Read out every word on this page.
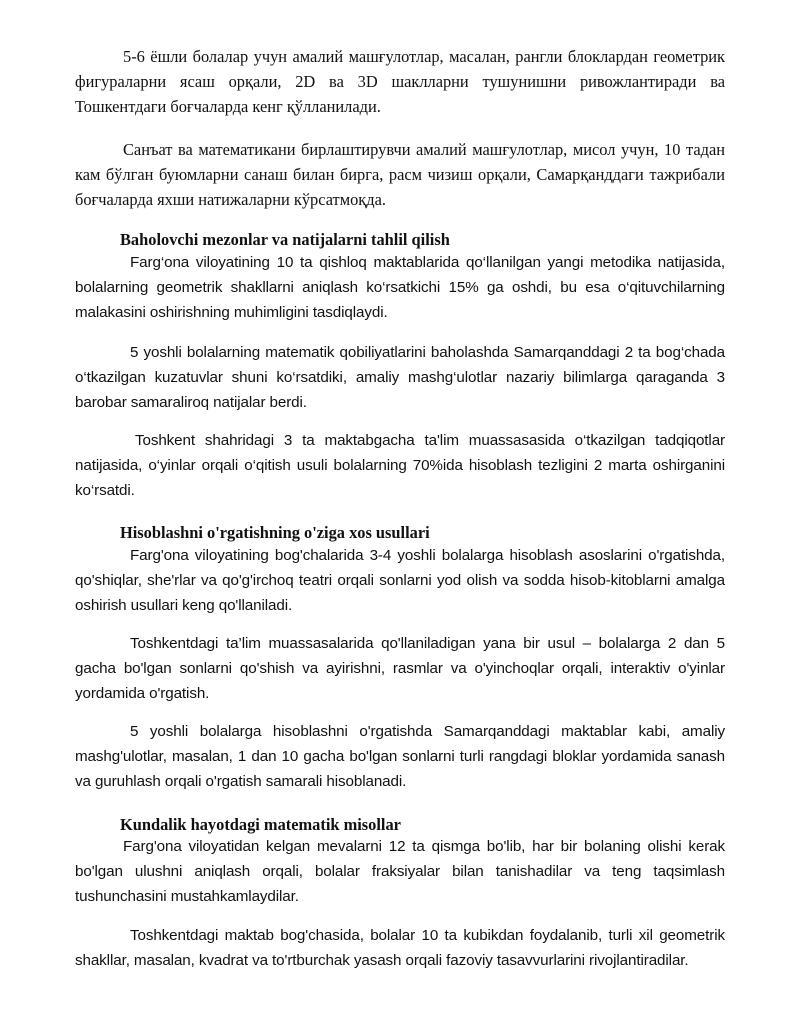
5-6 ёшли болалар учун амалий машғулотлар, масалан, рангли блоклардан геометрик фигураларни ясаш орқали, 2D ва 3D шаклларни тушунишни ривожлантиради ва Тошкентдаги боғчаларда кенг қўлланилади.

Санъат ва математикани бирлаштирувчи амалий машғулотлар, мисол учун, 10 тадан кам бўлган буюмларни санаш билан бирга, расм чизиш орқали, Самарқанддаги тажрибали боғчаларда яхши натижаларни кўрсатмоқда.

Baholovchi mezonlar va natijalarni tahlil qilish

Farg‘ona viloyatining 10 ta qishloq maktablarida qo‘llanilgan yangi metodika natijasida, bolalarning geometrik shakllarni aniqlash ko‘rsatkichi 15% ga oshdi, bu esa o‘qituvchilarning malakasini oshirishning muhimligini tasdiqlaydi.

5 yoshli bolalarning matematik qobiliyatlarini baholashda Samarqanddagi 2 ta bog‘chada o‘tkazilgan kuzatuvlar shuni ko‘rsatdiki, amaliy mashg‘ulotlar nazariy bilimlarga qaraganda 3 barobar samaraliroq natijalar berdi.

Toshkent shahridagi 3 ta maktabgacha ta'lim muassasasida o‘tkazilgan tadqiqotlar natijasida, o‘yinlar orqali o‘qitish usuli bolalarning 70%ida hisoblash tezligini 2 marta oshirganini ko‘rsatdi.

Hisoblashni o'rgatishning o'ziga xos usullari

Farg'ona viloyatining bog'chalarida 3-4 yoshli bolalarga hisoblash asoslarini o'rgatishda, qo'shiqlar, she'rlar va qo'g'irchoq teatri orqali sonlarni yod olish va sodda hisob-kitoblarni amalga oshirish usullari keng qo'llaniladi.

Toshkentdagi ta’lim muassasalarida qo'llaniladigan yana bir usul – bolalarga 2 dan 5 gacha bo'lgan sonlarni qo'shish va ayirishni, rasmlar va o'yinchoqlar orqali, interaktiv o'yinlar yordamida o'rgatish.

5 yoshli bolalarga hisoblashni o'rgatishda Samarqanddagi maktablar kabi, amaliy mashg'ulotlar, masalan, 1 dan 10 gacha bo'lgan sonlarni turli rangdagi bloklar yordamida sanash va guruhlash orqali o'rgatish samarali hisoblanadi.

Kundalik hayotdagi matematik misollar

Farg'ona viloyatidan kelgan mevalarni 12 ta qismga bo'lib, har bir bolaning olishi kerak bo'lgan ulushni aniqlash orqali, bolalar fraksiyalar bilan tanishadilar va teng taqsimlash tushunchasini mustahkamlaydilar.

Toshkentdagi maktab bog'chasida, bolalar 10 ta kubikdan foydalanib, turli xil geometrik shakllar, masalan, kvadrat va to'rtburchak yasash orqali fazoviy tasavvurlarini rivojlantiradilar.
